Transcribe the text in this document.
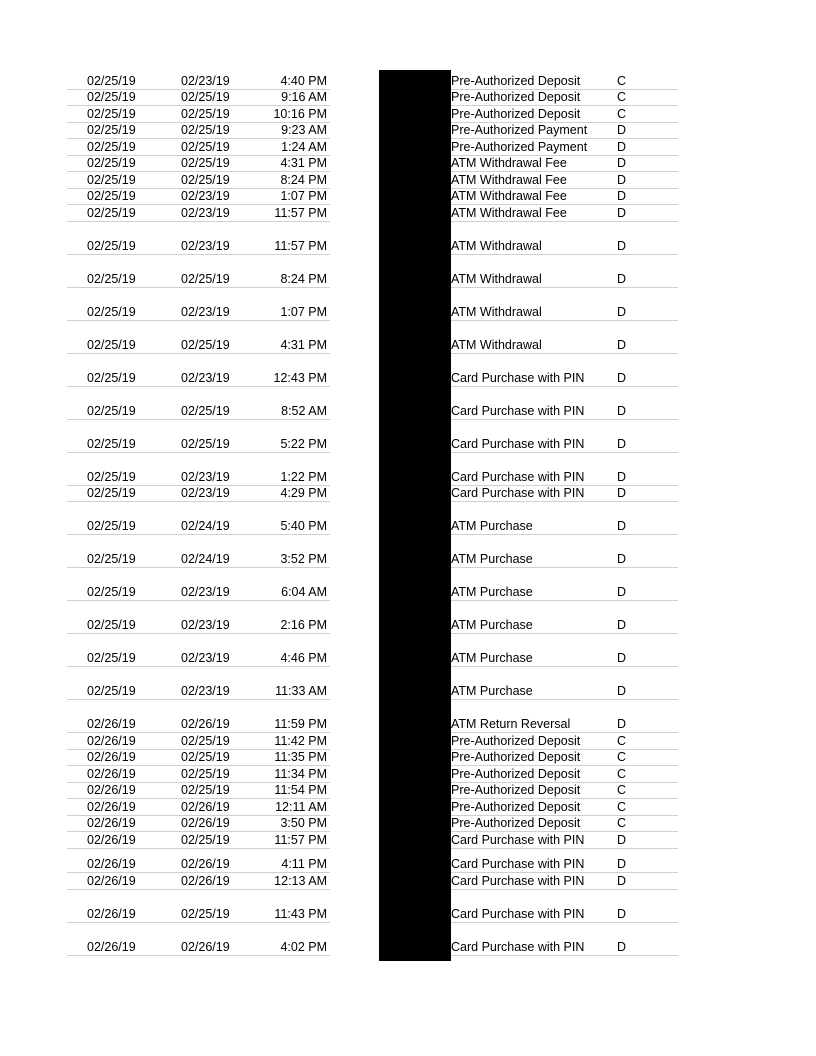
02/25/19	02/23/19	4:40 PM	Pre-Authorized Deposit	C
02/25/19	02/25/19	9:16 AM	Pre-Authorized Deposit	C
02/25/19	02/25/19	10:16 PM	Pre-Authorized Deposit	C
02/25/19	02/25/19	9:23 AM	Pre-Authorized Payment D
02/25/19	02/25/19	1:24 AM	Pre-Authorized Payment D
02/25/19	02/25/19	4:31 PM	ATM Withdrawal Fee	D
02/25/19	02/25/19	8:24 PM	ATM Withdrawal Fee	D
02/25/19	02/23/19	1:07 PM	ATM Withdrawal Fee	D
02/25/19	02/23/19	11:57 PM	ATM Withdrawal Fee	D
02/25/19	02/23/19	11:57 PM	ATM Withdrawal	D
02/25/19	02/25/19	8:24 PM	ATM Withdrawal	D
02/25/19	02/23/19	1:07 PM	ATM Withdrawal	D
02/25/19	02/25/19	4:31 PM	ATM Withdrawal	D
02/25/19	02/23/19	12:43 PM	Card Purchase with PIN	D
02/25/19	02/25/19	8:52 AM	Card Purchase with PIN	D
02/25/19	02/25/19	5:22 PM	Card Purchase with PIN	D
02/25/19	02/23/19	1:22 PM	Card Purchase with PIN	D
02/25/19	02/23/19	4:29 PM	Card Purchase with PIN	D
02/25/19	02/24/19	5:40 PM	ATM Purchase	D
02/25/19	02/24/19	3:52 PM	ATM Purchase	D
02/25/19	02/23/19	6:04 AM	ATM Purchase	D
02/25/19	02/23/19	2:16 PM	ATM Purchase	D
02/25/19	02/23/19	4:46 PM	ATM Purchase	D
02/25/19	02/23/19	11:33 AM	ATM Purchase	D
02/26/19	02/26/19	11:59 PM	ATM Return Reversal	D
02/26/19	02/25/19	11:42 PM	Pre-Authorized Deposit	C
02/26/19	02/25/19	11:35 PM	Pre-Authorized Deposit	C
02/26/19	02/25/19	11:34 PM	Pre-Authorized Deposit	C
02/26/19	02/25/19	11:54 PM	Pre-Authorized Deposit	C
02/26/19	02/26/19	12:11 AM	Pre-Authorized Deposit	C
02/26/19	02/26/19	3:50 PM	Pre-Authorized Deposit	C
02/26/19	02/25/19	11:57 PM	Card Purchase with PIN	D
02/26/19	02/26/19	4:11 PM	Card Purchase with PIN	D
02/26/19	02/26/19	12:13 AM	Card Purchase with PIN	D
02/26/19	02/25/19	11:43 PM	Card Purchase with PIN	D
02/26/19	02/26/19	4:02 PM	Card Purchase with PIN	D
